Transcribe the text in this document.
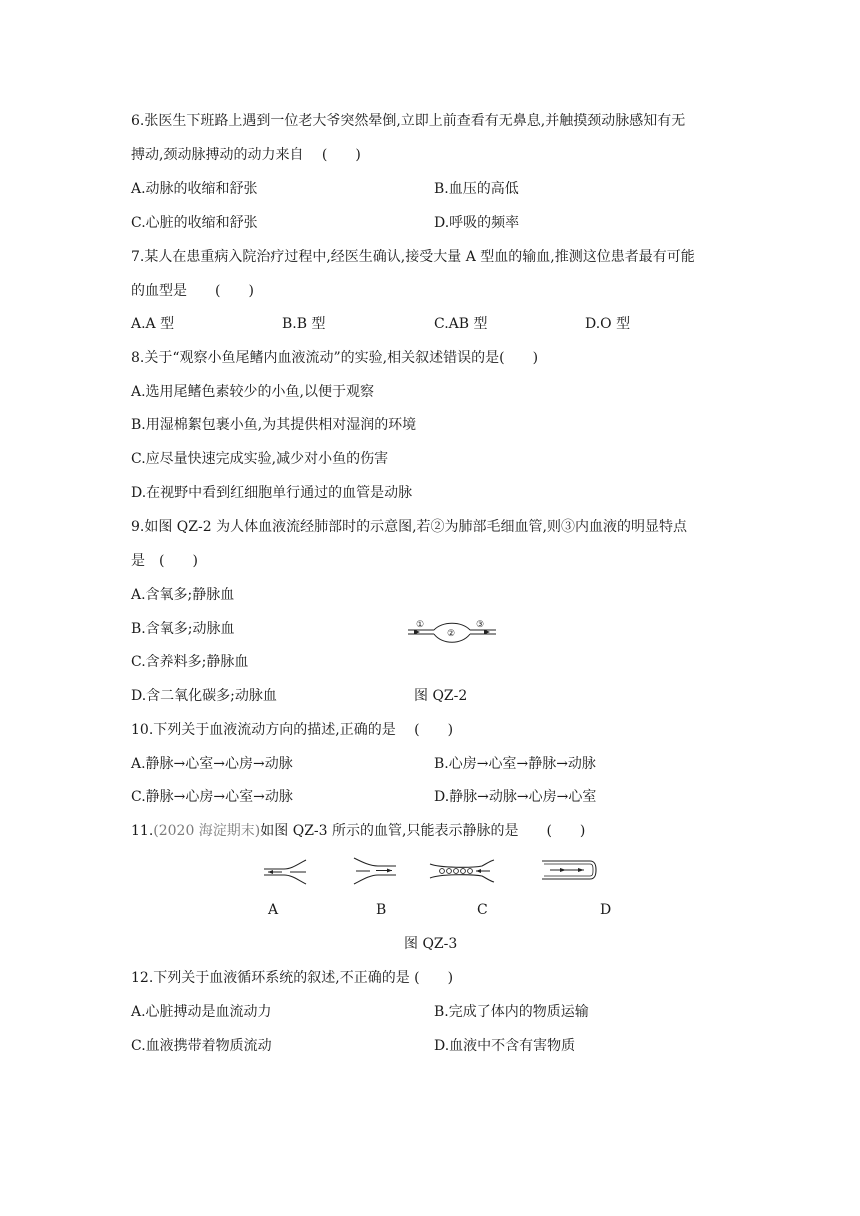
6.张医生下班路上遇到一位老大爷突然晕倒,立即上前查看有无鼻息,并触摸颈动脉感知有无
搏动,颈动脉搏动的动力来自　 (　　)
A.动脉的收缩和舒张	B.血压的高低
C.心脏的收缩和舒张	D.呼吸的频率
7.某人在患重病入院治疗过程中,经医生确认,接受大量 A 型血的输血,推测这位患者最有可能
的血型是　　(　　)
A.A 型	B.B 型	C.AB 型	D.O 型
8.关于“观察小鱼尾鳍内血液流动”的实验,相关叙述错误的是(　　)
A.选用尾鳍色素较少的小鱼,以便于观察
B.用湿棉絮包裹小鱼,为其提供相对湿润的环境
C.应尽量快速完成实验,减少对小鱼的伤害
D.在视野中看到红细胞单行通过的血管是动脉
9.如图 QZ-2 为人体血液流经肺部时的示意图,若②为肺部毛细血管,则③内血液的明显特点
是　(　　)
A.含氧多;静脉血
B.含氧多;动脉血
C.含养料多;静脉血
D.含二氧化碳多;动脉血
①
②
③
图 QZ-2
10.下列关于血液流动方向的描述,正确的是　 (　　)
A.静脉→心室→心房→动脉	B.心房→心室→静脉→动脉
C.静脉→心房→心室→动脉	D.静脉→动脉→心房→心室
11.(2020 海淀期末)如图 QZ-3 所示的血管,只能表示静脉的是　　(　　)
A	B	C	D
图 QZ-3
12.下列关于血液循环系统的叙述,不正确的是 (　　)
A.心脏搏动是血流动力	B.完成了体内的物质运输
C.血液携带着物质流动	D.血液中不含有害物质
